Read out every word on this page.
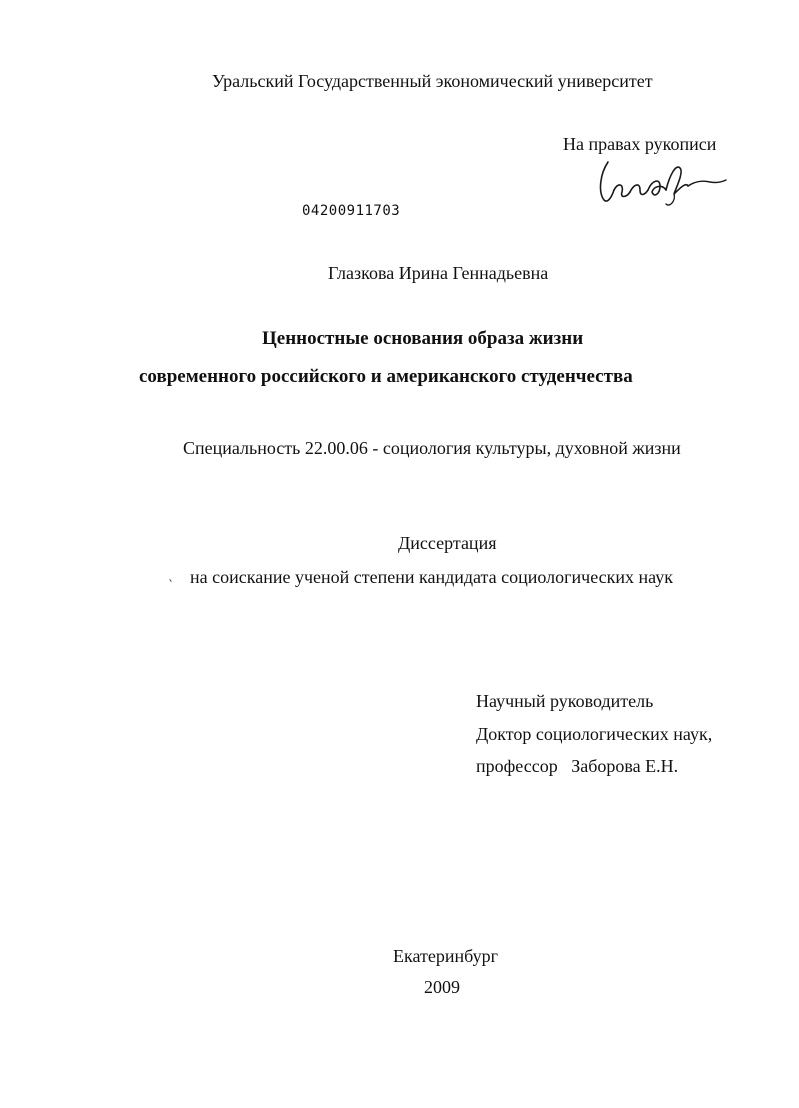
Уральский Государственный экономический университет
На правах рукописи
04200911703
Глазкова Ирина Геннадьевна
Ценностные основания образа жизни
современного российского и американского студенчества
Специальность 22.00.06 - социология культуры, духовной жизни
Диссертация
на соискание ученой степени кандидата социологических наук
Научный руководитель
Доктор социологических наук,
профессор   Заборова Е.Н.
Екатеринбург
2009
